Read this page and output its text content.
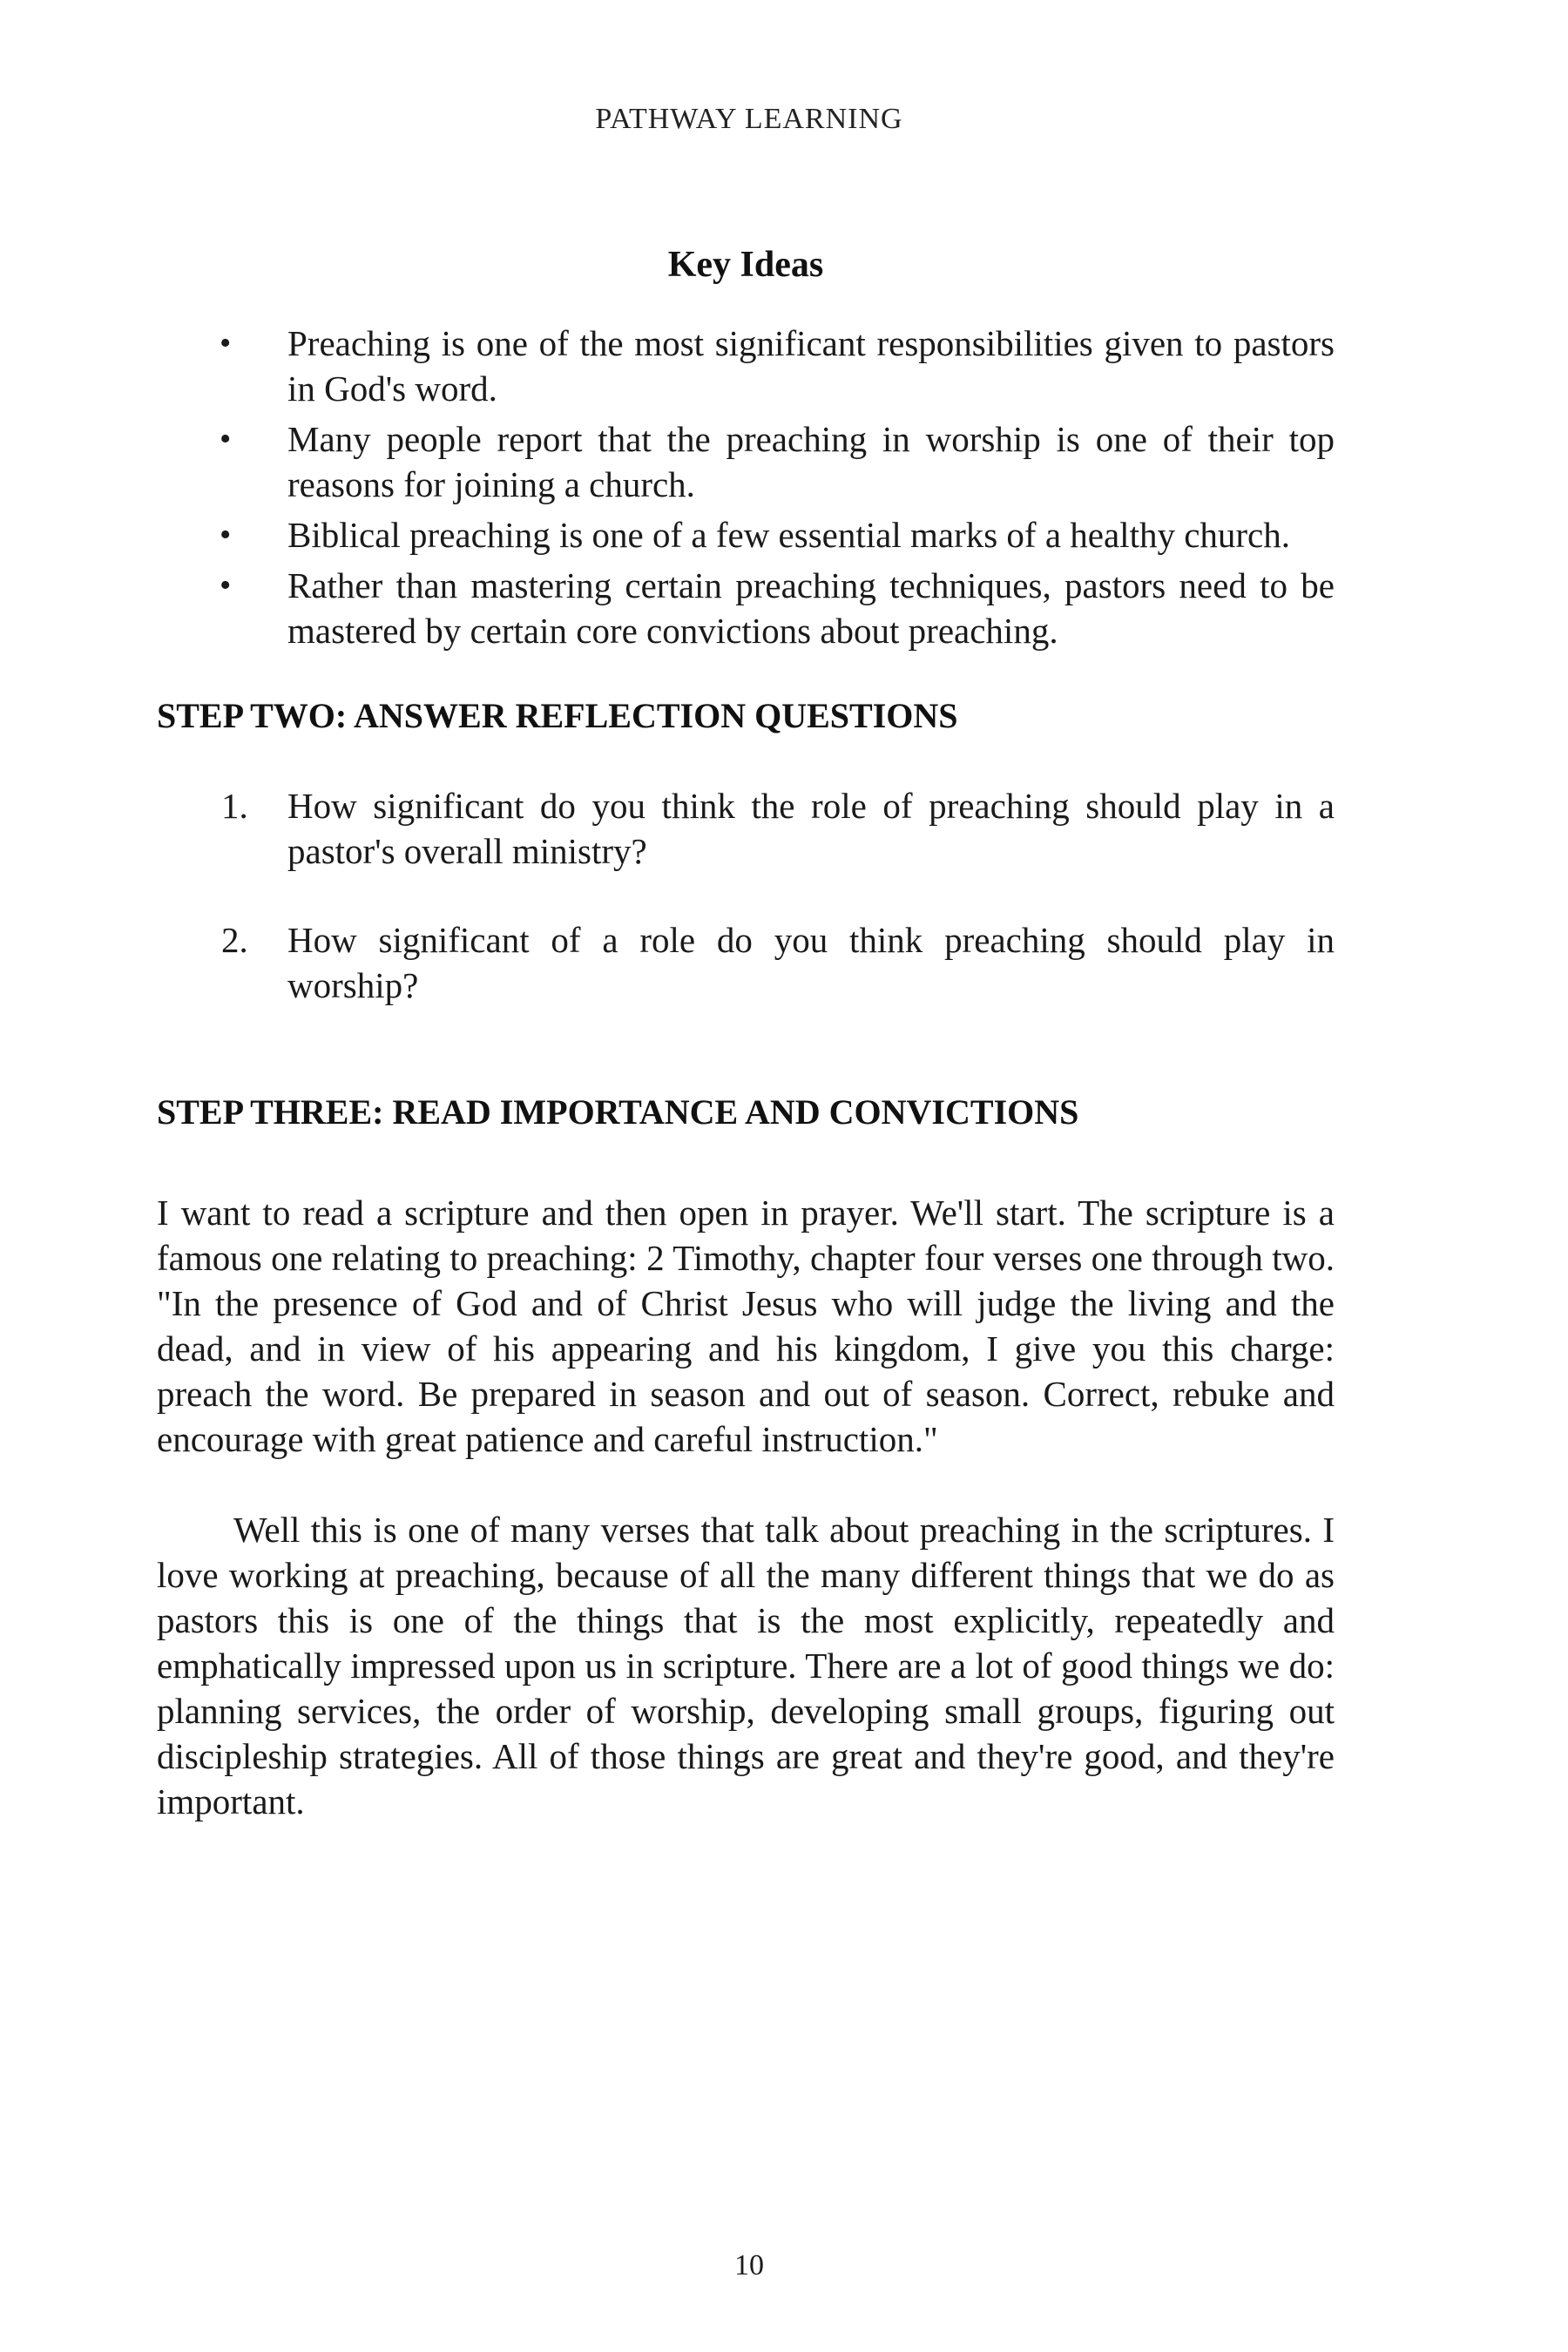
PATHWAY LEARNING
Key Ideas
• Preaching is one of the most significant responsibilities given to pastors in God's word.
• Many people report that the preaching in worship is one of their top reasons for joining a church.
• Biblical preaching is one of a few essential marks of a healthy church.
• Rather than mastering certain preaching techniques, pastors need to be mastered by certain core convictions about preaching.
STEP TWO: ANSWER REFLECTION QUESTIONS
1. How significant do you think the role of preaching should play in a pastor's overall ministry?
2. How significant of a role do you think preaching should play in worship?
STEP THREE: READ IMPORTANCE AND CONVICTIONS

I want to read a scripture and then open in prayer. We'll start. The scripture is a famous one relating to preaching: 2 Timothy, chapter four verses one through two. "In the presence of God and of Christ Jesus who will judge the living and the dead, and in view of his appearing and his kingdom, I give you this charge: preach the word. Be prepared in season and out of season. Correct, rebuke and encourage with great patience and careful instruction."

Well this is one of many verses that talk about preaching in the scriptures. I love working at preaching, because of all the many different things that we do as pastors this is one of the things that is the most explicitly, repeatedly and emphatically impressed upon us in scripture. There are a lot of good things we do: planning services, the order of worship, developing small groups, figuring out discipleship strategies. All of those things are great and they're good, and they're important.

10
